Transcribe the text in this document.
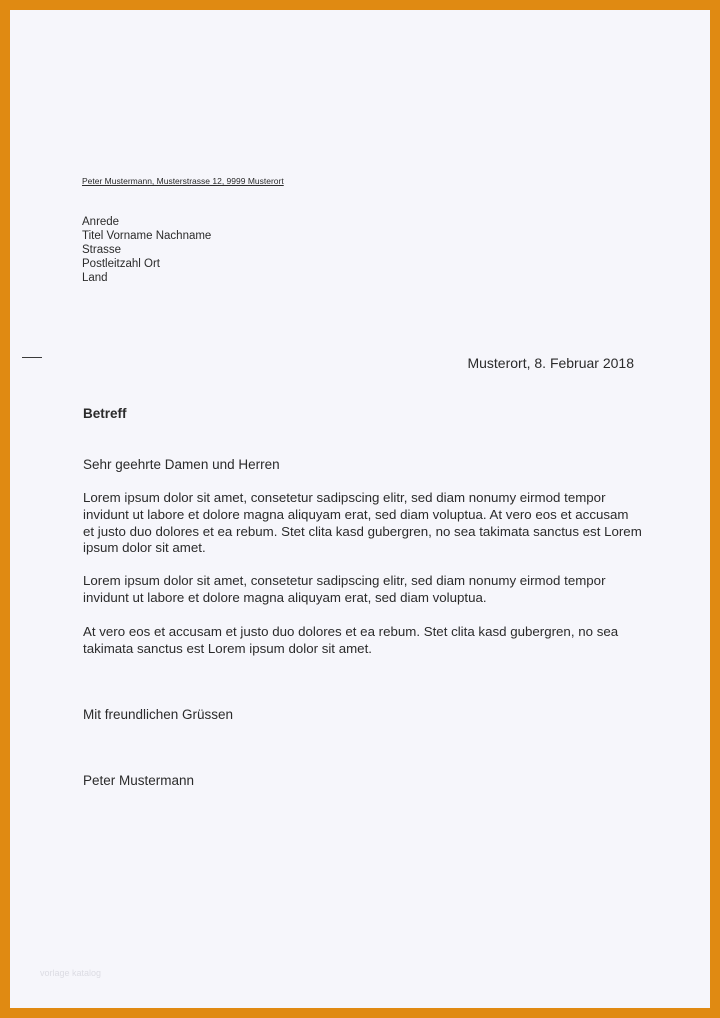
Peter Mustermann, Musterstrasse 12, 9999 Musterort
Anrede
Titel Vorname Nachname
Strasse
Postleitzahl Ort
Land
Musterort, 8. Februar 2018
Betreff
Sehr geehrte Damen und Herren
Lorem ipsum dolor sit amet, consetetur sadipscing elitr, sed diam nonumy eirmod tempor invidunt ut labore et dolore magna aliquyam erat, sed diam voluptua. At vero eos et accusam et justo duo dolores et ea rebum. Stet clita kasd gubergren, no sea takimata sanctus est Lorem ipsum dolor sit amet.
Lorem ipsum dolor sit amet, consetetur sadipscing elitr, sed diam nonumy eirmod tempor invidunt ut labore et dolore magna aliquyam erat, sed diam voluptua.
At vero eos et accusam et justo duo dolores et ea rebum. Stet clita kasd gubergren, no sea takimata sanctus est Lorem ipsum dolor sit amet.
Mit freundlichen Grüssen
Peter Mustermann
vorlage katalog
